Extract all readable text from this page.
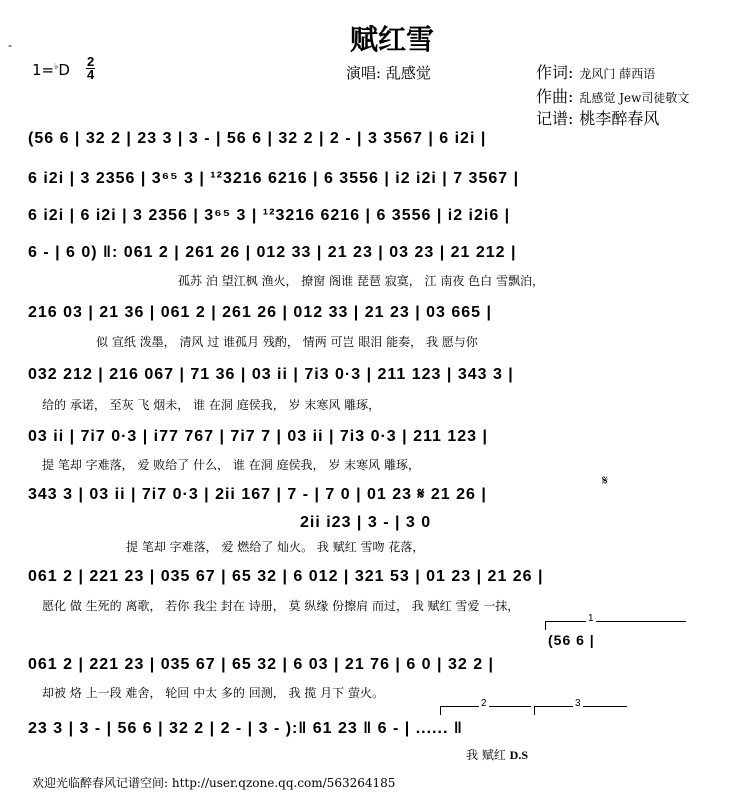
-
1=♭D 2
4
赋红雪
演唱: 乱感觉	作词: 龙风门 薛西语
作曲: 乱感觉 Jew司徒敬文
记谱: 桃李醉春风
(56 6 | 32 2 | 23 3 | 3 - | 56 6 | 32 2 | 2 - | 3 3567 | 6 i2i |
6 i2i | 3 2356 | 3⁶⁵ 3 | ¹²3216 6216 | 6 3556 | i2 i2i | 7 3567 |
6 i2i | 6 i2i | 3 2356 | 3⁶⁵ 3 | ¹²3216 6216 | 6 3556 | i2 i2i6 |
6 - | 6 0) ‖: 061 2 | 261 26 | 012 33 | 21 23 | 03 23 | 21 212 |
孤苏 泊 望江枫 渔火， 撩窗 阁谁 琵琶 寂寞， 江 南夜 色白 雪飘泊，
216 03 | 21 36 | 061 2 | 261 26 | 012 33 | 21 23 | 03 665 |
似 宣纸 泼墨， 清风 过 谁孤月 残酌， 情两 可岂 眼泪 能奏， 我 愿与你
032 212 | 216 067 | 71 36 | 03 ii | 7i3 0·3 | 211 123 | 343 3 |
给的 承诺， 至灰 飞 烟未， 谁 在洞 庭侯我， 岁 末寒风 雕琢，
03 ii | 7i7 0·3 | i77 767 | 7i7 7 | 03 ii | 7i3 0·3 | 211 123 |
提 笔却 字难落， 爱 败给了 什么， 谁 在洞 庭侯我， 岁 末寒风 雕琢，
343 3 | 03 ii | 7i7 0·3 | 2ii 167 | 7 - | 7 0 | 01 23 𝄋 21 26 |
𝄋
2ii i23 | 3 - | 3 0
提 笔却 字难落， 爱 燃给了 灿火。 我 赋红 雪吻 花落，
061 2 | 221 23 | 035 67 | 65 32 | 6 012 | 321 53 | 01 23 | 21 26 |
愿化 做 生死的 离歌， 若你 我尘 封在 诗册， 莫 纵缘 份擦肩 而过， 我 赋红 雪爱 一抹，
1
(56 6 |
061 2 | 221 23 | 035 67 | 65 32 | 6 03 | 21 76 | 6 0 | 32 2 |
却被 烙 上一段 难舍， 轮回 中太 多的 回测， 我 揽 月下 萤火。
2	3
23 3 | 3 - | 56 6 | 32 2 | 2 - | 3 - ):‖ 61 23 ‖ 6 - | ...... ‖
我 赋红 D.S
欢迎光临醉春风记谱空间: http://user.qzone.qq.com/563264185
